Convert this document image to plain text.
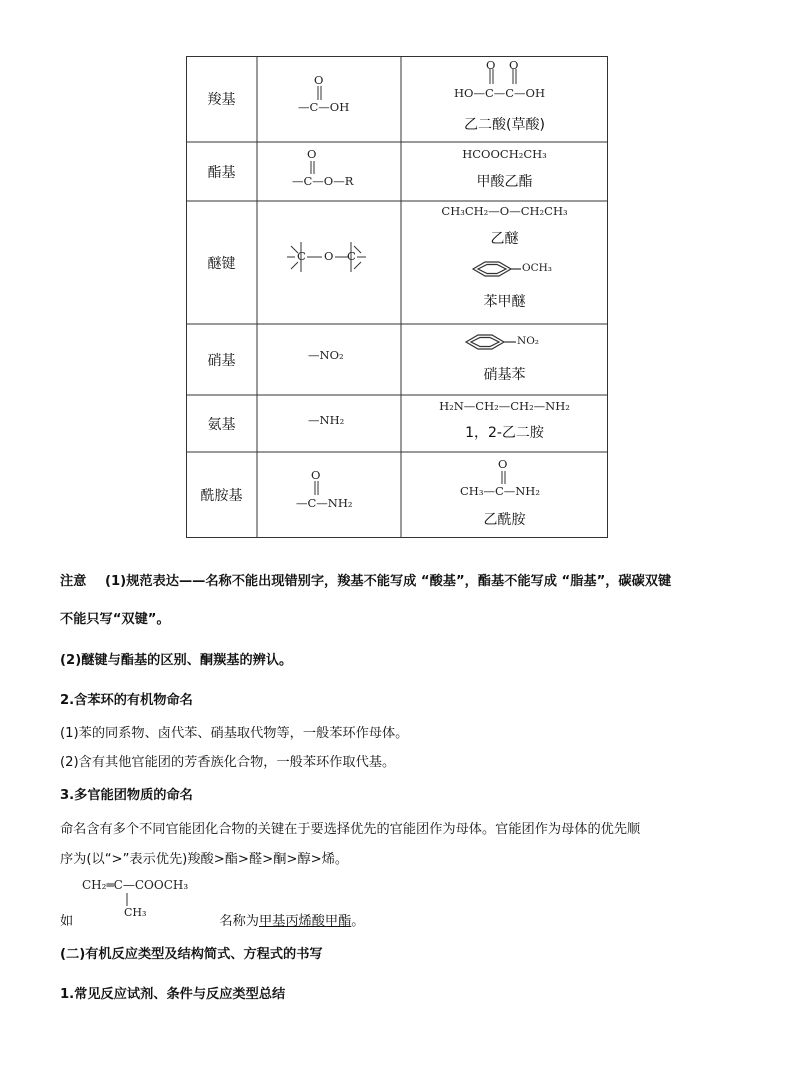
羧基
酯基
醚键
硝基
氨基
酰胺基
O
—C—OH
O O
HO—C—C—OH
乙二酸(草酸)
O
—C—O—R
HCOOCH₂CH₃
甲酸乙酯
C O C
CH₃CH₂—O—CH₂CH₃
乙醚
OCH₃
苯甲醚
—NO₂
NO₂
硝基苯
—NH₂
H₂N—CH₂—CH₂—NH₂
1，2-乙二胺
O
—C—NH₂
O
CH₃—C—NH₂
乙酰胺
注意 (1)规范表达——名称不能出现错别字，羧基不能写成 “酸基”，酯基不能写成 “脂基”，碳碳双键
不能只写“双键”。
(2)醚键与酯基的区别、酮羰基的辨认。
2.含苯环的有机物命名
(1)苯的同系物、卤代苯、硝基取代物等，一般苯环作母体。
(2)含有其他官能团的芳香族化合物，一般苯环作取代基。
3.多官能团物质的命名
命名含有多个不同官能团化合物的关键在于要选择优先的官能团作为母体。官能团作为母体的优先顺
序为(以“>”表示优先)羧酸>酯>醛>酮>醇>烯。
CH₂═C—COOCH₃
CH₃
如	名称为甲基丙烯酸甲酯。
(二)有机反应类型及结构简式、方程式的书写
1.常见反应试剂、条件与反应类型总结
